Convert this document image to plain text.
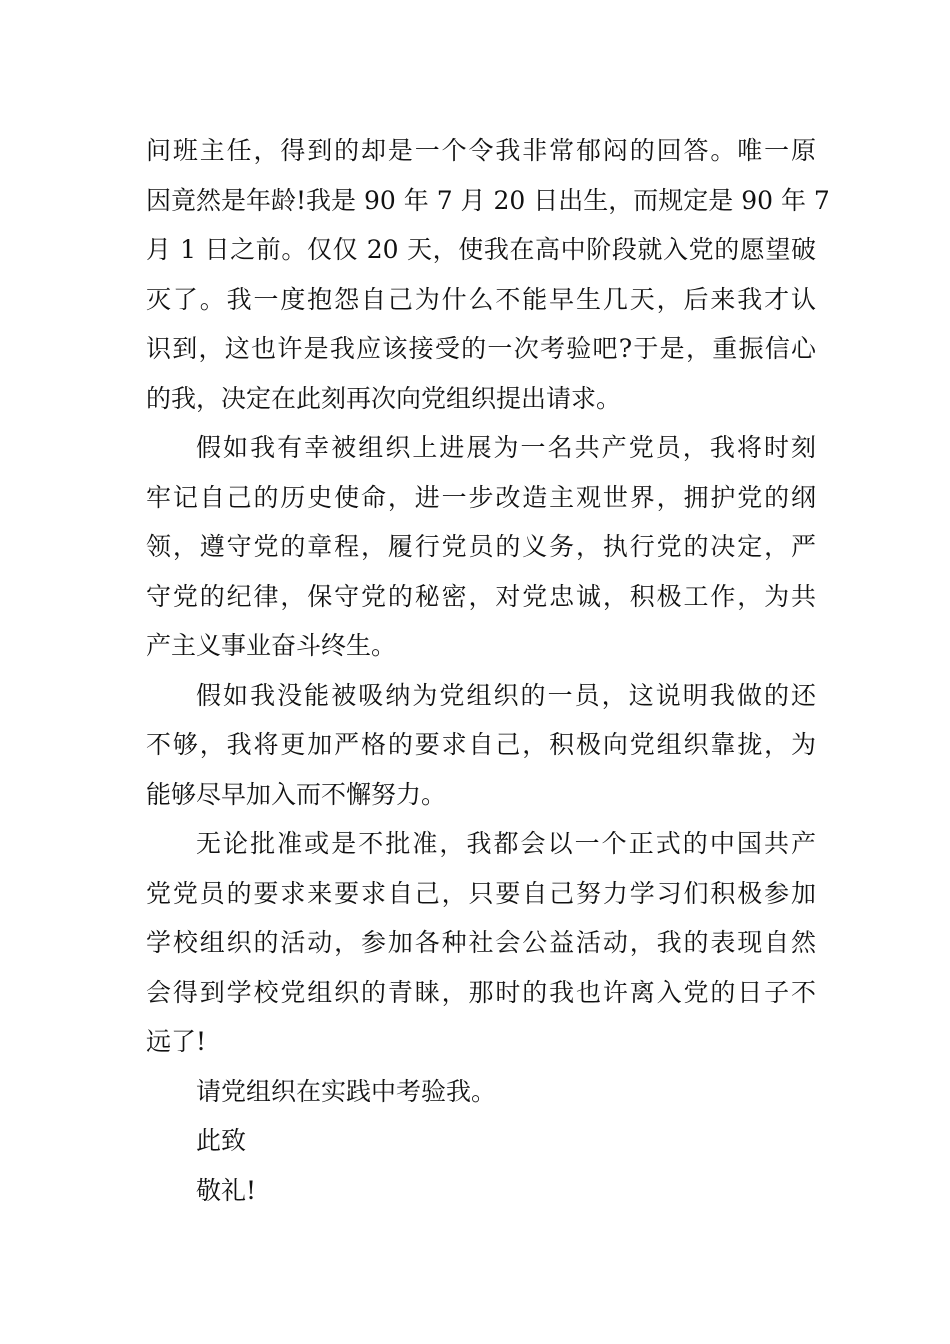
问班主任，得到的却是一个令我非常郁闷的回答。唯一原
因竟然是年龄!我是 90 年 7 月 20 日出生，而规定是 90 年 7
月 1 日之前。仅仅 20 天，使我在高中阶段就入党的愿望破
灭了。我一度抱怨自己为什么不能早生几天，后来我才认
识到，这也许是我应该接受的一次考验吧?于是，重振信心
的我，决定在此刻再次向党组织提出请求。
假如我有幸被组织上进展为一名共产党员，我将时刻
牢记自己的历史使命，进一步改造主观世界，拥护党的纲
领，遵守党的章程，履行党员的义务，执行党的决定，严
守党的纪律，保守党的秘密，对党忠诚，积极工作，为共
产主义事业奋斗终生。
假如我没能被吸纳为党组织的一员，这说明我做的还
不够，我将更加严格的要求自己，积极向党组织靠拢，为
能够尽早加入而不懈努力。
无论批准或是不批准，我都会以一个正式的中国共产
党党员的要求来要求自己，只要自己努力学习们积极参加
学校组织的活动，参加各种社会公益活动，我的表现自然
会得到学校党组织的青睐，那时的我也许离入党的日子不
远了!
请党组织在实践中考验我。
此致
敬礼!
